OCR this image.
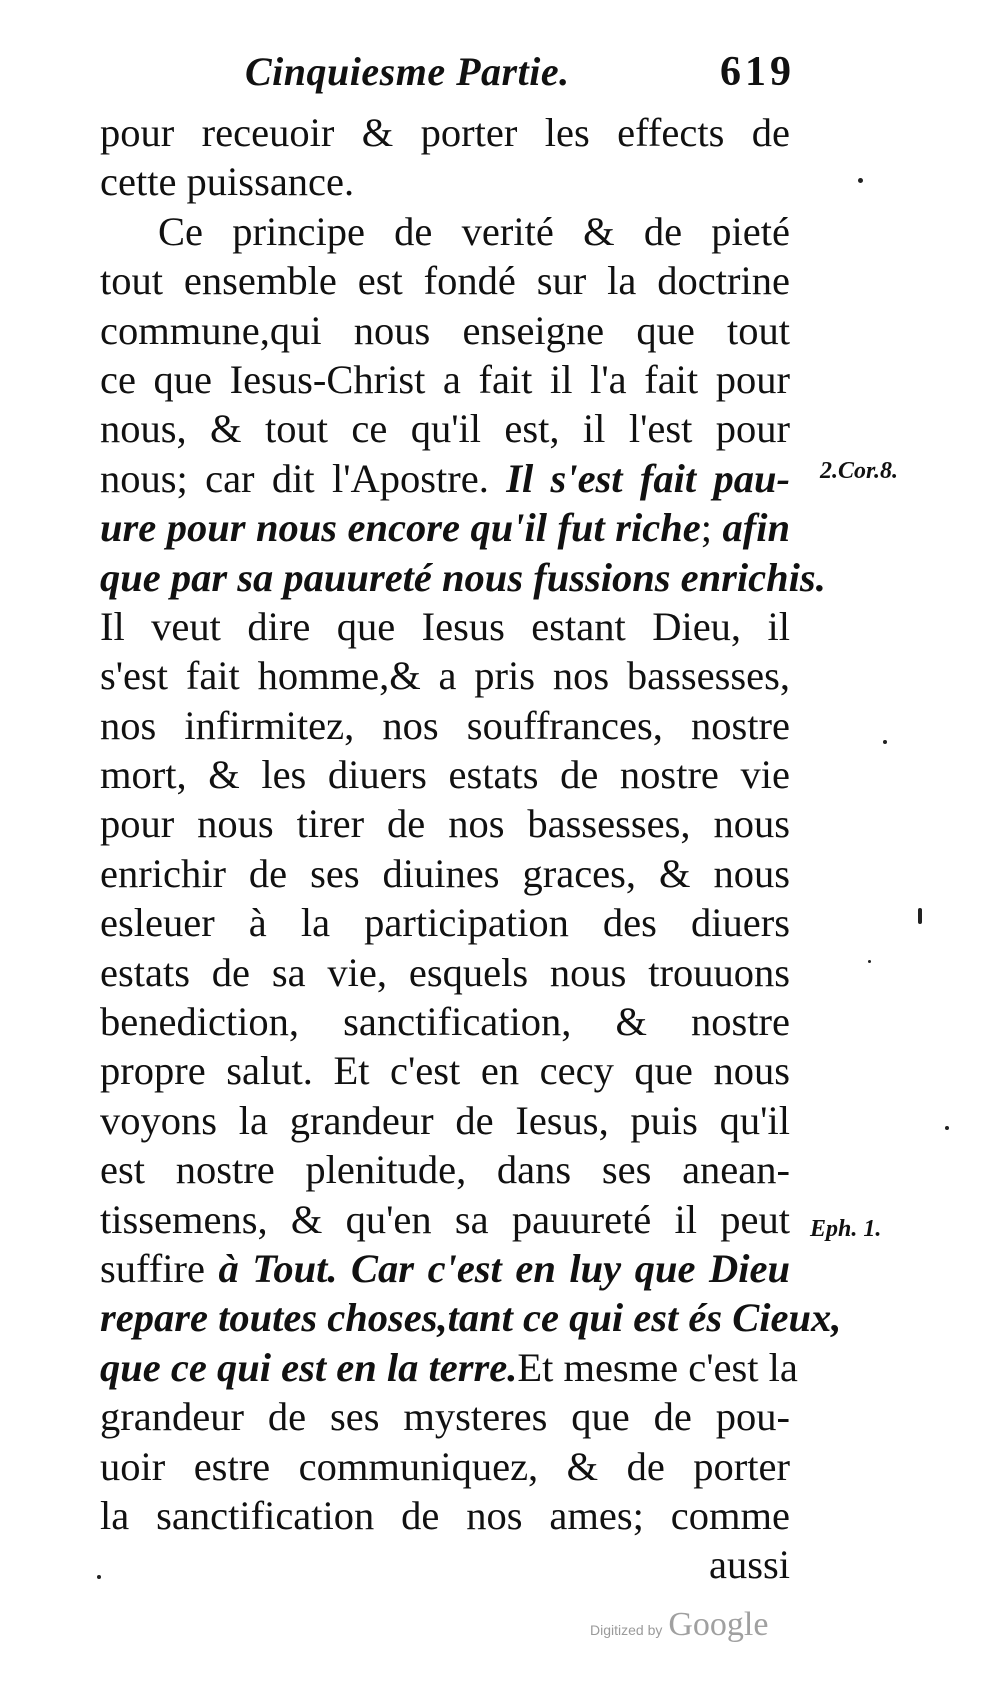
Cinquiesme Partie.	619
pour receuoir & porter les effects de
cette puissance.
Ce principe de verité & de pieté
tout ensemble est fondé sur la doctrine
commune,qui nous enseigne que tout
ce que Iesus-Christ a fait il l'a fait pour
nous, & tout ce qu'il est, il l'est pour
nous; car dit l'Apostre. Il s'est fait pau-
ure pour nous encore qu'il fut riche; afin
que par sa pauureté nous fussions enrichis.
Il veut dire que Iesus estant Dieu, il
s'est fait homme,& a pris nos bassesses,
nos infirmitez, nos souffrances, nostre
mort, & les diuers estats de nostre vie
pour nous tirer de nos bassesses, nous
enrichir de ses diuines graces, & nous
esleuer à la participation des diuers
estats de sa vie, esquels nous trouuons
benediction, sanctification, & nostre
propre salut. Et c'est en cecy que nous
voyons la grandeur de Iesus, puis qu'il
est nostre plenitude, dans ses anean-
tissemens, & qu'en sa pauureté il peut
suffire à Tout. Car c'est en luy que Dieu
repare toutes choses,tant ce qui est és Cieux,
que ce qui est en la terre.Et mesme c'est la
grandeur de ses mysteres que de pou-
uoir estre communiquez, & de porter
la sanctification de nos ames; comme
aussi
2.Cor.8.
Eph. 1.
Digitized by Google
